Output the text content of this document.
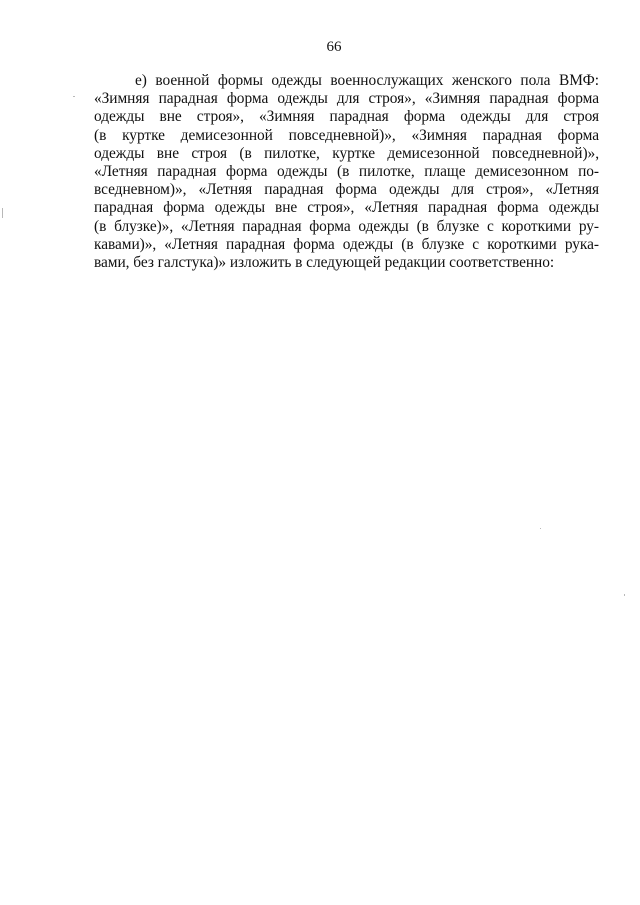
66

е) военной формы одежды военнослужащих женского пола ВМФ:
«Зимняя парадная форма одежды для строя», «Зимняя парадная форма
одежды вне строя», «Зимняя парадная форма одежды для строя
(в куртке демисезонной повседневной)», «Зимняя парадная форма
одежды вне строя (в пилотке, куртке демисезонной повседневной)»,
«Летняя парадная форма одежды (в пилотке, плаще демисезонном по-
вседневном)», «Летняя парадная форма одежды для строя», «Летняя
парадная форма одежды вне строя», «Летняя парадная форма одежды
(в блузке)», «Летняя парадная форма одежды (в блузке с короткими ру-
кавами)», «Летняя парадная форма одежды (в блузке с короткими рука-
вами, без галстука)» изложить в следующей редакции соответственно:
